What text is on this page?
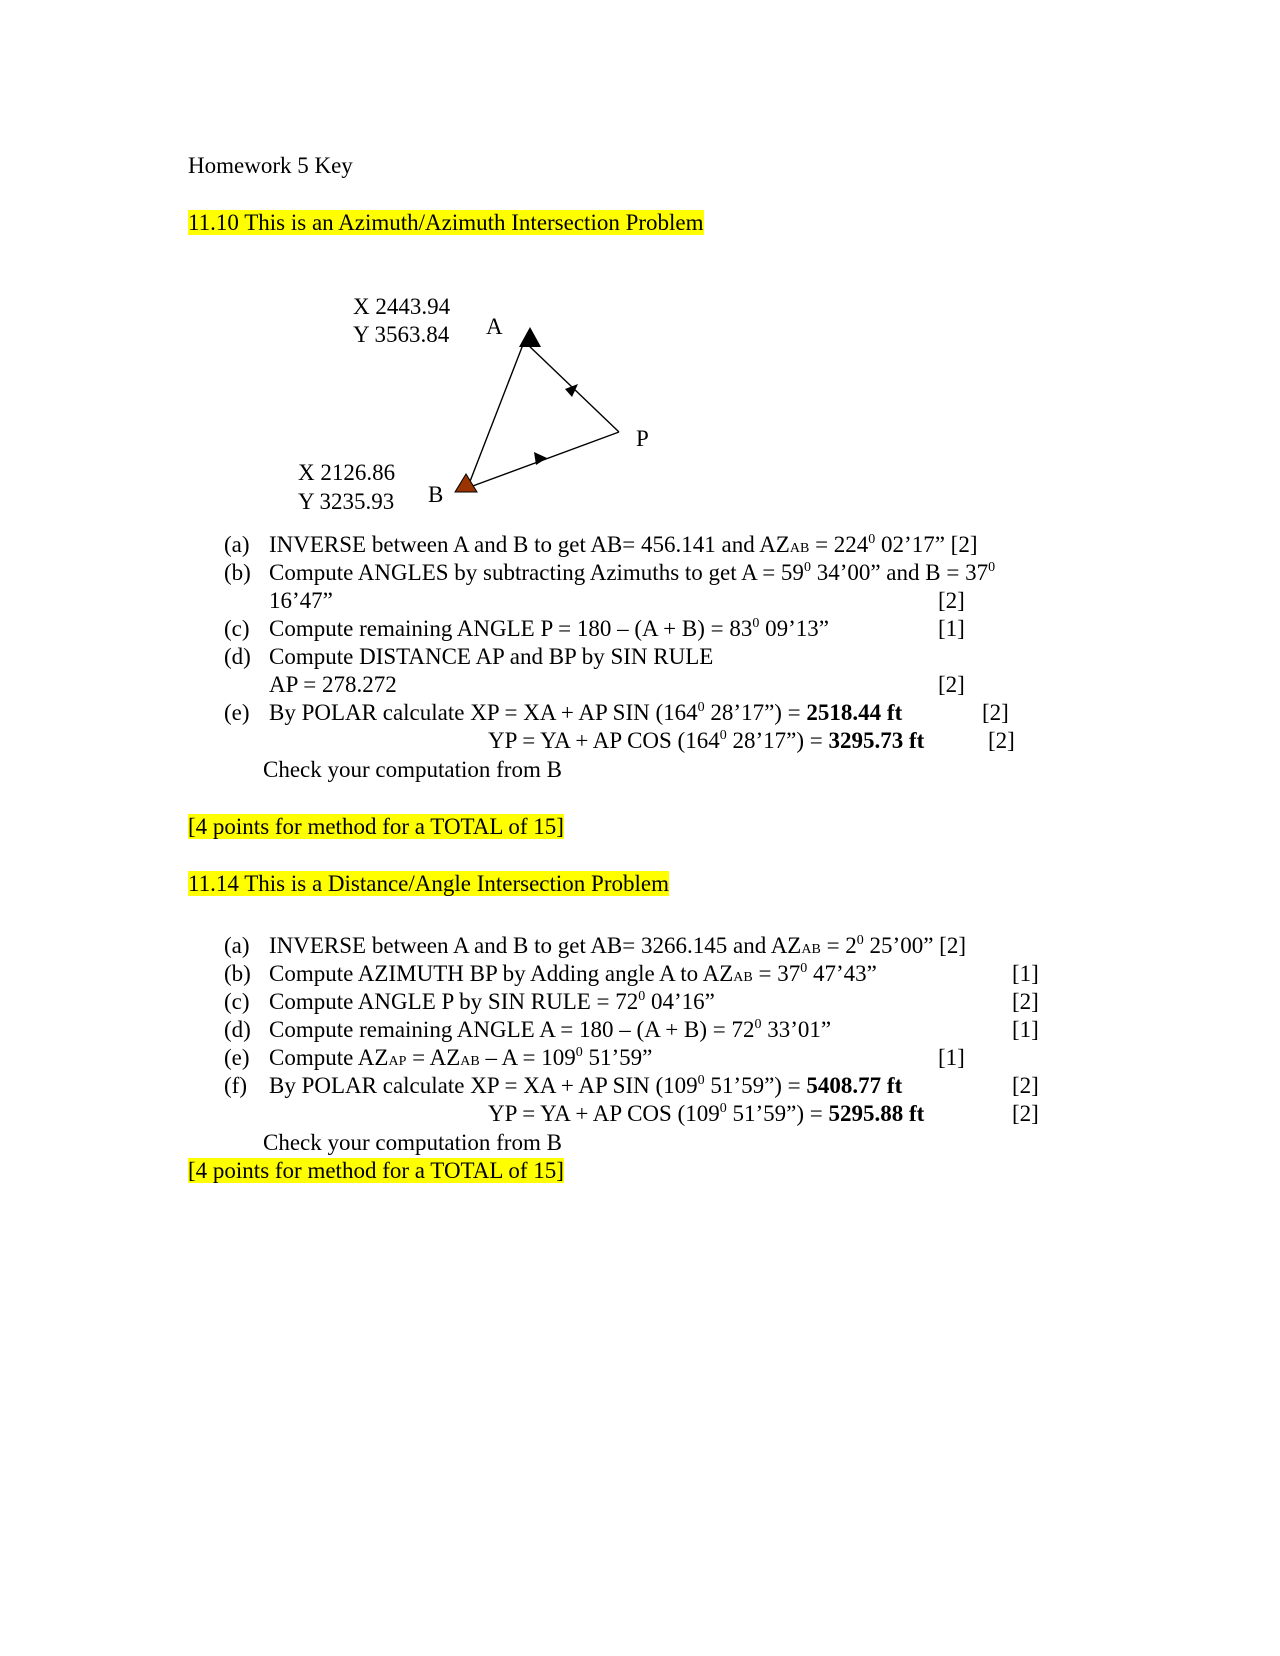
Homework 5 Key
11.10 This is an Azimuth/Azimuth Intersection Problem
X 2443.94
Y 3563.84 A
P
X 2126.86
Y 3235.93 B
(a) INVERSE between A and B to get AB= 456.141 and AZAB = $224^0$ 02’17” [2]
(b) Compute ANGLES by subtracting Azimuths to get $A = 59^0$ 34’00” and $B = 37^0$
16’47”	[2]
(c) Compute remaining ANGLE $P = 180 - (A + B) = 83^0$ 09’13”	[1]
(d) Compute DISTANCE AP and BP by SIN RULE
AP = 278.272	[2]
(e) By POLAR calculate XP = XA + AP SIN ($164^0$ 28’17”) = 2518.44 ft	[2]
YP = YA + AP COS ($164^0$ 28’17”) = 3295.73 ft	[2]
Check your computation from B
[4 points for method for a TOTAL of 15]
11.14 This is a Distance/Angle Intersection Problem
(a) INVERSE between A and B to get AB= 3266.145 and AZAB = $2^0$ 25’00” [2]
(b) Compute AZIMUTH BP by Adding angle A to AZAB = $37^0$ 47’43”	[1]
(c) Compute ANGLE P by SIN RULE = $72^0$ 04’16”	[2]
(d) Compute remaining ANGLE $A = 180 - (A + B) = 72^0$ 33’01”	[1]
(e) Compute AZAP = AZAB – $A = 109^0$ 51’59”	[1]
(f) By POLAR calculate XP = XA + AP SIN ($109^0$ 51’59”) = 5408.77 ft	[2]
YP = YA + AP COS ($109^0$ 51’59”) = 5295.88 ft	[2]
Check your computation from B
[4 points for method for a TOTAL of 15]
